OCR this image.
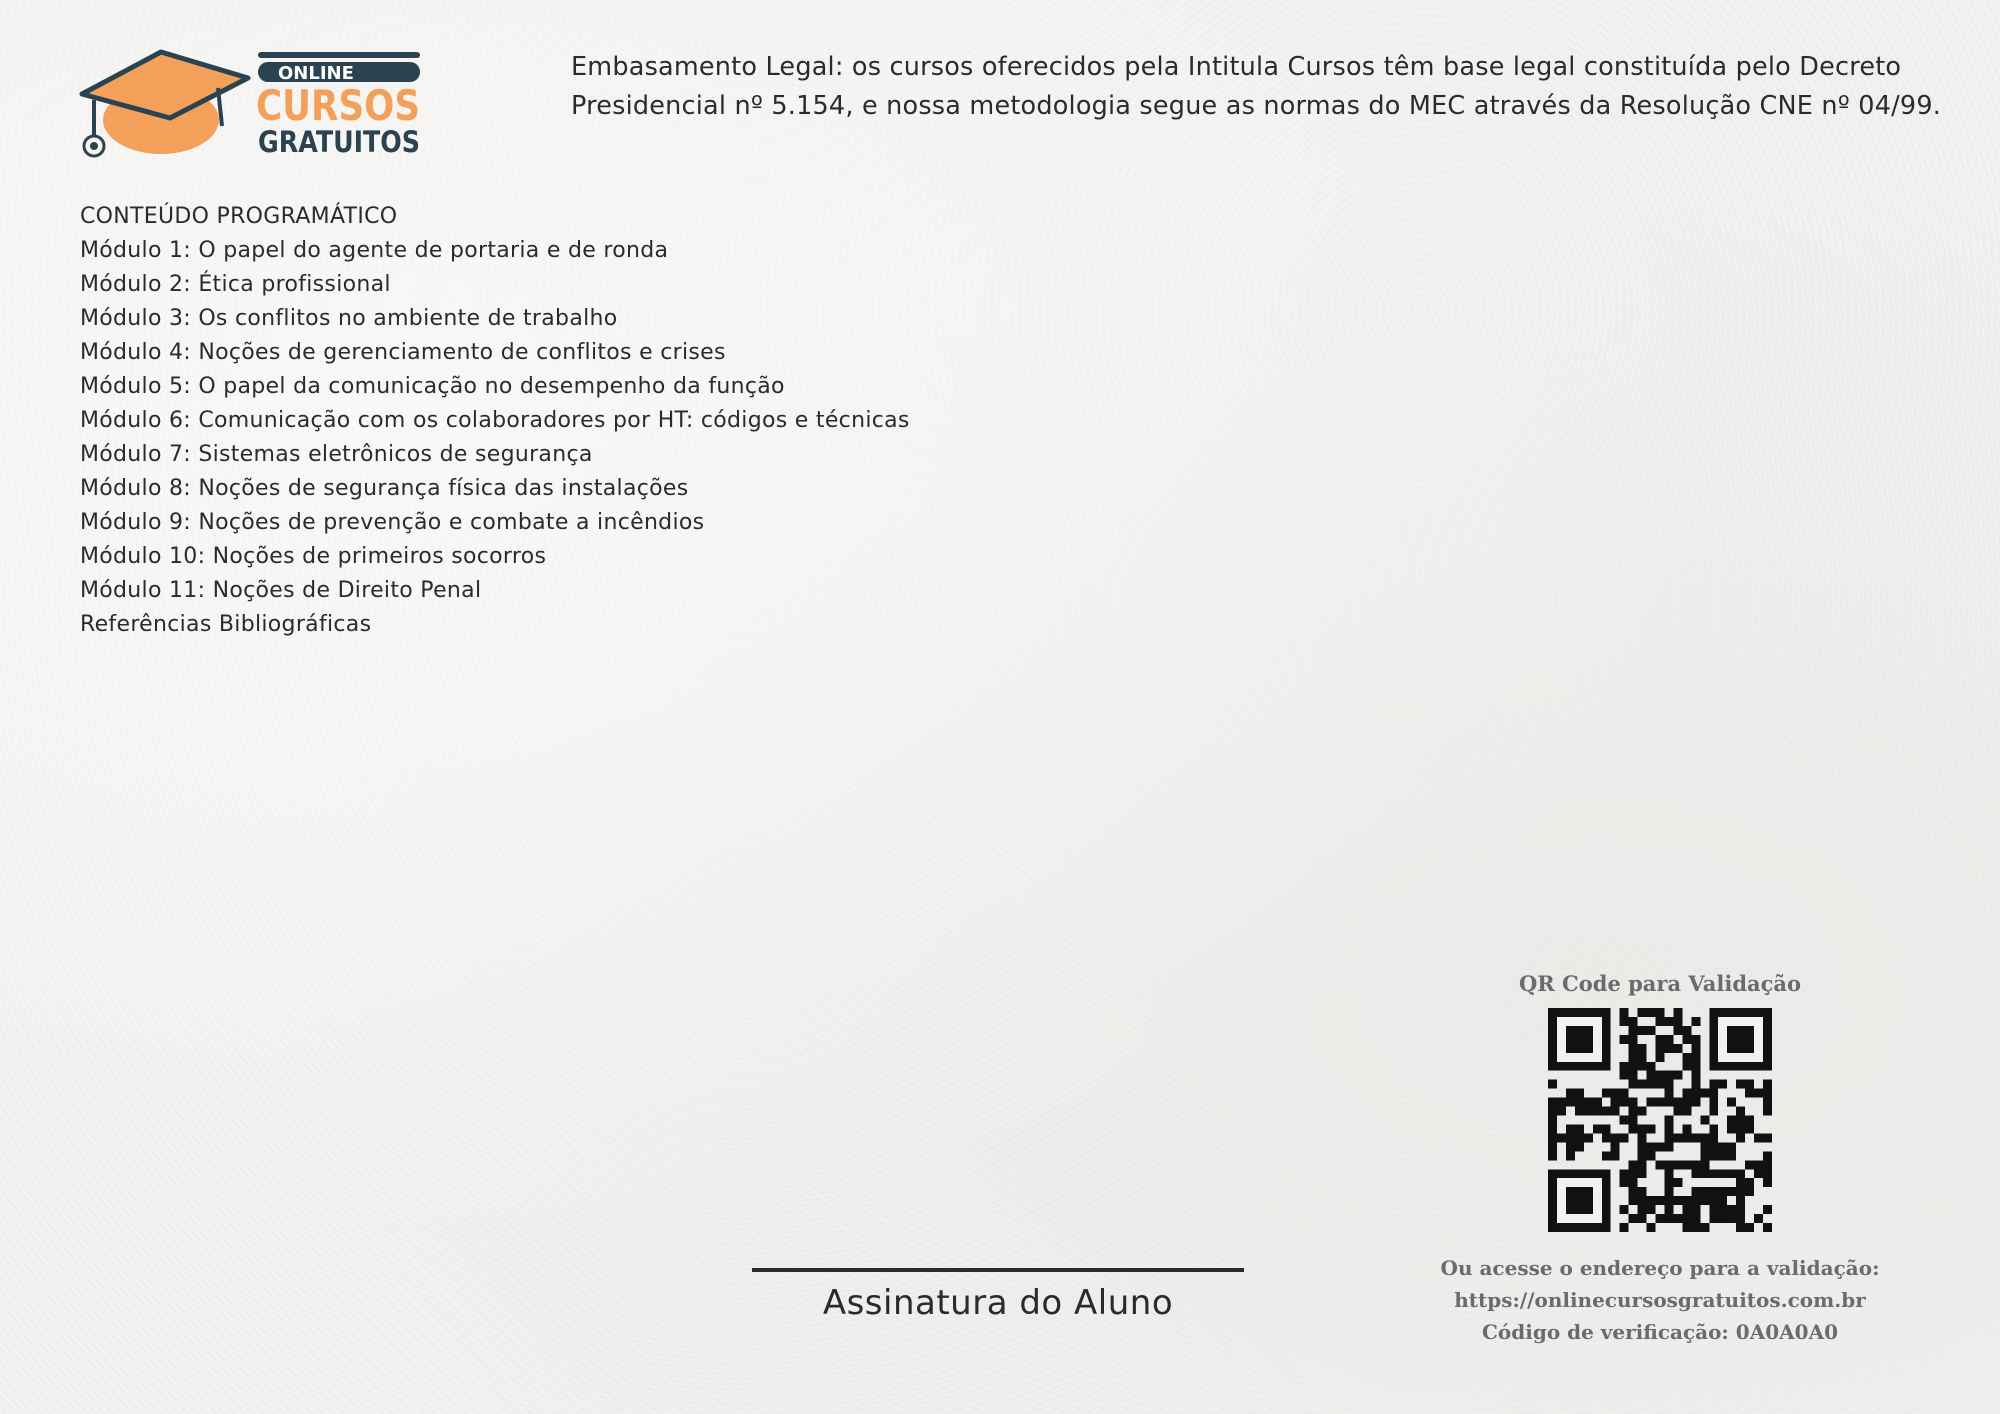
ONLINE
CURSOS
GRATUITOS

Embasamento Legal: os cursos oferecidos pela Intitula Cursos têm base legal constituída pelo Decreto

Presidencial nº 5.154, e nossa metodologia segue as normas do MEC através da Resolução CNE nº 04/99.

CONTEÚDO PROGRAMÁTICO
Módulo 1: O papel do agente de portaria e de ronda
Módulo 2: Ética profissional
Módulo 3: Os conflitos no ambiente de trabalho
Módulo 4: Noções de gerenciamento de conflitos e crises
Módulo 5: O papel da comunicação no desempenho da função
Módulo 6: Comunicação com os colaboradores por HT: códigos e técnicas
Módulo 7: Sistemas eletrônicos de segurança
Módulo 8: Noções de segurança física das instalações
Módulo 9: Noções de prevenção e combate a incêndios
Módulo 10: Noções de primeiros socorros
Módulo 11: Noções de Direito Penal
Referências Bibliográficas
Assinatura do Aluno
QR Code para Validação
Ou acesse o endereço para a validação:
https://onlinecursosgratuitos.com.br
Código de verificação: 0A0A0A0
